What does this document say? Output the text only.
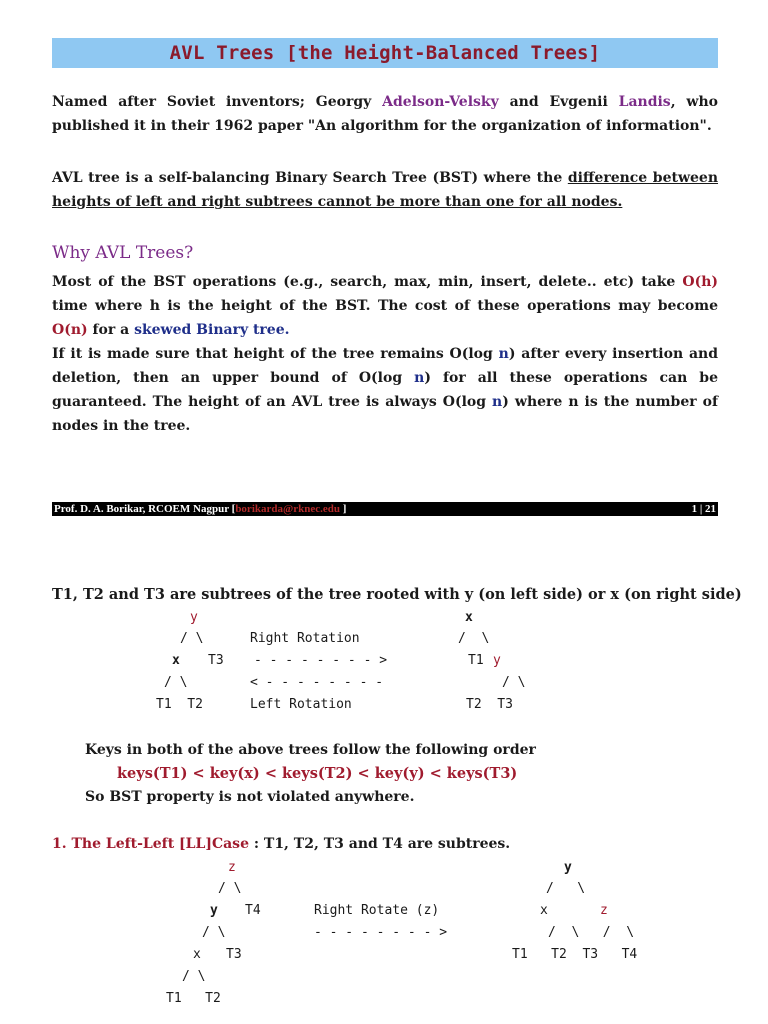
AVL Trees [the Height-Balanced Trees]

Named after Soviet inventors; Georgy Adelson-Velsky and Evgenii Landis, who published it in their 1962 paper "An algorithm for the organization of information".

AVL tree is a self-balancing Binary Search Tree (BST) where the difference between heights of left and right subtrees cannot be more than one for all nodes.

Why AVL Trees?

Most of the BST operations (e.g., search, max, min, insert, delete.. etc) take O(h) time where h is the height of the BST. The cost of these operations may become O(n) for a skewed Binary tree.

If it is made sure that height of the tree remains O(log n) after every insertion and deletion, then an upper bound of O(log n) for all these operations can be guaranteed. The height of an AVL tree is always O(log n) where n is the number of nodes in the tree.

Prof. D. A. Borikar, RCOEM Nagpur [borikarda@rknec.edu ]	1 | 21
T1, T2 and T3 are subtrees of the tree rooted with y (on left side) or x (on right side)
y
/ \
x T3
/ \
T1  T2
Right Rotation
- - - - - - - - >
< - - - - - - - -
Left Rotation
x
/  \
T1 y
/ \
T2  T3
Keys in both of the above trees follow the following order
keys(T1) < key(x) < keys(T2) < key(y) < keys(T3)
So BST property is not violated anywhere.
1. The Left-Left [LL]Case : T1, T2, T3 and T4 are subtrees.
z
/ \
y T4
/ \
x T3
/ \
T1   T2
Right Rotate (z)
- - - - - - - - >
y
/   \
x	z
/  \   /  \
T1   T2  T3   T4
